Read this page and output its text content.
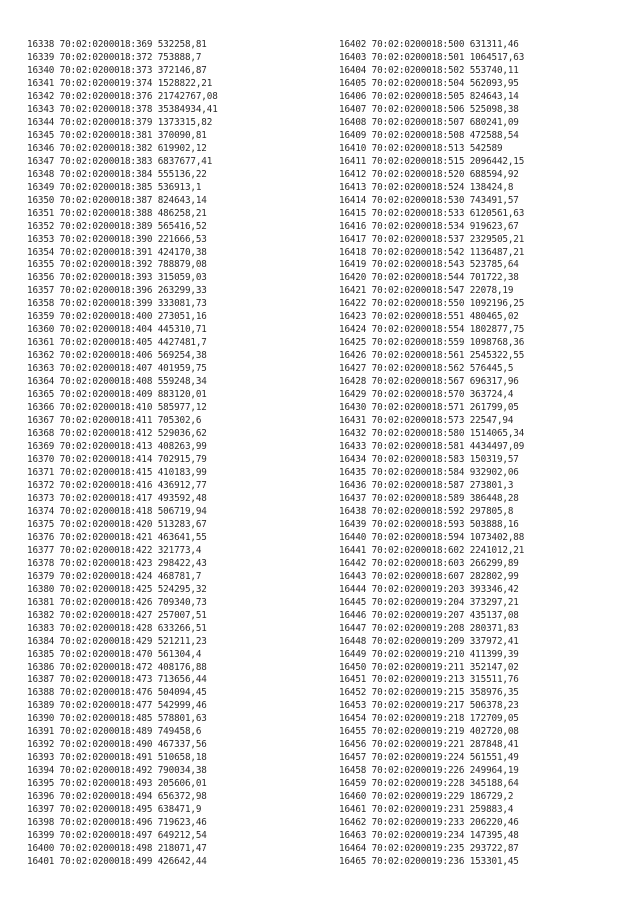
16338 70:02:0200018:369 532258,81
16339 70:02:0200018:372 753888,7
16340 70:02:0200018:373 372146,87
16341 70:02:0200019:374 1528822,21
16342 70:02:0200018:376 21742767,08
16343 70:02:0200018:378 35384934,41
16344 70:02:0200018:379 1373315,82
16345 70:02:0200018:381 370090,81
16346 70:02:0200018:382 619902,12
16347 70:02:0200018:383 6837677,41
16348 70:02:0200018:384 555136,22
16349 70:02:0200018:385 536913,1
16350 70:02:0200018:387 824643,14
16351 70:02:0200018:388 486258,21
16352 70:02:0200018:389 565416,52
16353 70:02:0200018:390 221666,53
16354 70:02:0200018:391 424170,38
16355 70:02:0200018:392 788879,08
16356 70:02:0200018:393 315059,03
16357 70:02:0200018:396 263299,33
16358 70:02:0200018:399 333081,73
16359 70:02:0200018:400 273051,16
16360 70:02:0200018:404 445310,71
16361 70:02:0200018:405 4427481,7
16362 70:02:0200018:406 569254,38
16363 70:02:0200018:407 401959,75
16364 70:02:0200018:408 559248,34
16365 70:02:0200018:409 883120,01
16366 70:02:0200018:410 585977,12
16367 70:02:0200018:411 705302,6
16368 70:02:0200018:412 529036,62
16369 70:02:0200018:413 408263,99
16370 70:02:0200018:414 702915,79
16371 70:02:0200018:415 410183,99
16372 70:02:0200018:416 436912,77
16373 70:02:0200018:417 493592,48
16374 70:02:0200018:418 506719,94
16375 70:02:0200018:420 513283,67
16376 70:02:0200018:421 463641,55
16377 70:02:0200018:422 321773,4
16378 70:02:0200018:423 298422,43
16379 70:02:0200018:424 468781,7
16380 70:02:0200018:425 524295,32
16381 70:02:0200018:426 709340,73
16382 70:02:0200018:427 257007,51
16383 70:02:0200018:428 633266,51
16384 70:02:0200018:429 521211,23
16385 70:02:0200018:470 561304,4
16386 70:02:0200018:472 408176,88
16387 70:02:0200018:473 713656,44
16388 70:02:0200018:476 504094,45
16389 70:02:0200018:477 542999,46
16390 70:02:0200018:485 578801,63
16391 70:02:0200018:489 749458,6
16392 70:02:0200018:490 467337,56
16393 70:02:0200018:491 510658,18
16394 70:02:0200018:492 790034,38
16395 70:02:0200018:493 205606,01
16396 70:02:0200018:494 656372,98
16397 70:02:0200018:495 638471,9
16398 70:02:0200018:496 719623,46
16399 70:02:0200018:497 649212,54
16400 70:02:0200018:498 218071,47
16401 70:02:0200018:499 426642,44
16402 70:02:0200018:500 631311,46
16403 70:02:0200018:501 1064517,63
16404 70:02:0200018:502 553740,11
16405 70:02:0200018:504 562093,95
16406 70:02:0200018:505 824643,14
16407 70:02:0200018:506 525098,38
16408 70:02:0200018:507 680241,09
16409 70:02:0200018:508 472588,54
16410 70:02:0200018:513 542589
16411 70:02:0200018:515 2096442,15
16412 70:02:0200018:520 688594,92
16413 70:02:0200018:524 138424,8
16414 70:02:0200018:530 743491,57
16415 70:02:0200018:533 6120561,63
16416 70:02:0200018:534 919623,67
16417 70:02:0200018:537 2329505,21
16418 70:02:0200018:542 1136487,21
16419 70:02:0200018:543 523785,64
16420 70:02:0200018:544 701722,38
16421 70:02:0200018:547 22078,19
16422 70:02:0200018:550 1092196,25
16423 70:02:0200018:551 480465,02
16424 70:02:0200018:554 1802877,75
16425 70:02:0200018:559 1098768,36
16426 70:02:0200018:561 2545322,55
16427 70:02:0200018:562 576445,5
16428 70:02:0200018:567 696317,96
16429 70:02:0200018:570 363724,4
16430 70:02:0200018:571 261799,05
16431 70:02:0200018:573 22547,94
16432 70:02:0200018:580 1514065,34
16433 70:02:0200018:581 4434497,09
16434 70:02:0200018:583 150319,57
16435 70:02:0200018:584 932902,06
16436 70:02:0200018:587 273801,3
16437 70:02:0200018:589 386448,28
16438 70:02:0200018:592 297805,8
16439 70:02:0200018:593 503888,16
16440 70:02:0200018:594 1073402,88
16441 70:02:0200018:602 2241012,21
16442 70:02:0200018:603 266299,89
16443 70:02:0200018:607 282802,99
16444 70:02:0200019:203 393346,42
16445 70:02:0200019:204 373297,21
16446 70:02:0200019:207 435137,08
16447 70:02:0200019:208 280371,83
16448 70:02:0200019:209 337972,41
16449 70:02:0200019:210 411399,39
16450 70:02:0200019:211 352147,02
16451 70:02:0200019:213 315511,76
16452 70:02:0200019:215 358976,35
16453 70:02:0200019:217 506378,23
16454 70:02:0200019:218 172709,05
16455 70:02:0200019:219 402720,08
16456 70:02:0200019:221 287848,41
16457 70:02:0200019:224 561551,49
16458 70:02:0200019:226 249964,19
16459 70:02:0200019:228 345188,64
16460 70:02:0200019:229 186729,2
16461 70:02:0200019:231 259883,4
16462 70:02:0200019:233 206220,46
16463 70:02:0200019:234 147395,48
16464 70:02:0200019:235 293722,87
16465 70:02:0200019:236 153301,45
